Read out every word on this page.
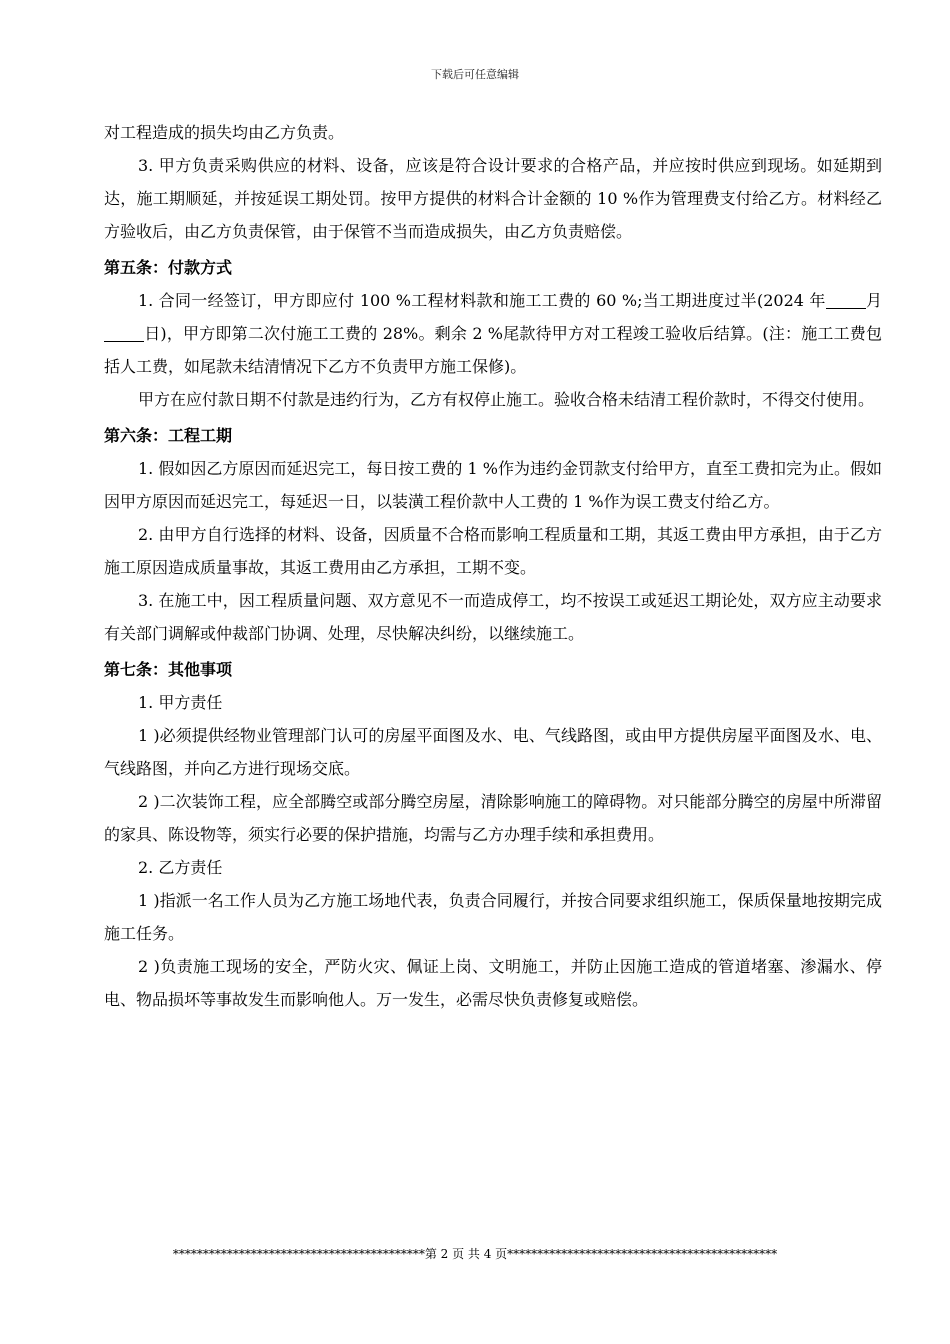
下载后可任意编辑

对工程造成的损失均由乙方负责。

3. 甲方负责采购供应的材料、设备，应该是符合设计要求的合格产品，并应按时供应到现场。如延期到达，施工期顺延，并按延误工期处罚。按甲方提供的材料合计金额的 10 %作为管理费支付给乙方。材料经乙方验收后，由乙方负责保管，由于保管不当而造成损失，由乙方负责赔偿。

第五条：付款方式

1. 合同一经签订，甲方即应付 100 %工程材料款和施工工费的 60 %;当工期进度过半(2024 年	月日)，甲方即第二次付施工工费的 28%。剩余 2 %尾款待甲方对工程竣工验收后结算。(注：施工工费包括人工费，如尾款未结清情况下乙方不负责甲方施工保修)。

甲方在应付款日期不付款是违约行为，乙方有权停止施工。验收合格未结清工程价款时，不得交付使用。

第六条：工程工期

1. 假如因乙方原因而延迟完工，每日按工费的 1 %作为违约金罚款支付给甲方，直至工费扣完为止。假如因甲方原因而延迟完工，每延迟一日，以装潢工程价款中人工费的 1 %作为误工费支付给乙方。

2. 由甲方自行选择的材料、设备，因质量不合格而影响工程质量和工期，其返工费由甲方承担，由于乙方施工原因造成质量事故，其返工费用由乙方承担，工期不变。

3. 在施工中，因工程质量问题、双方意见不一而造成停工，均不按误工或延迟工期论处，双方应主动要求有关部门调解或仲裁部门协调、处理，尽快解决纠纷，以继续施工。

第七条：其他事项

1. 甲方责任

1 )必须提供经物业管理部门认可的房屋平面图及水、电、气线路图，或由甲方提供房屋平面图及水、电、气线路图，并向乙方进行现场交底。

2 )二次装饰工程，应全部腾空或部分腾空房屋，清除影响施工的障碍物。对只能部分腾空的房屋中所滞留的家具、陈设物等，须实行必要的保护措施，均需与乙方办理手续和承担费用。

2. 乙方责任

1 )指派一名工作人员为乙方施工场地代表，负责合同履行，并按合同要求组织施工，保质保量地按期完成施工任务。

2 )负责施工现场的安全，严防火灾、佩证上岗、文明施工，并防止因施工造成的管道堵塞、渗漏水、停电、物品损坏等事故发生而影响他人。万一发生，必需尽快负责修复或赔偿。

******************************************第 2 页 共 4 页*********************************************
